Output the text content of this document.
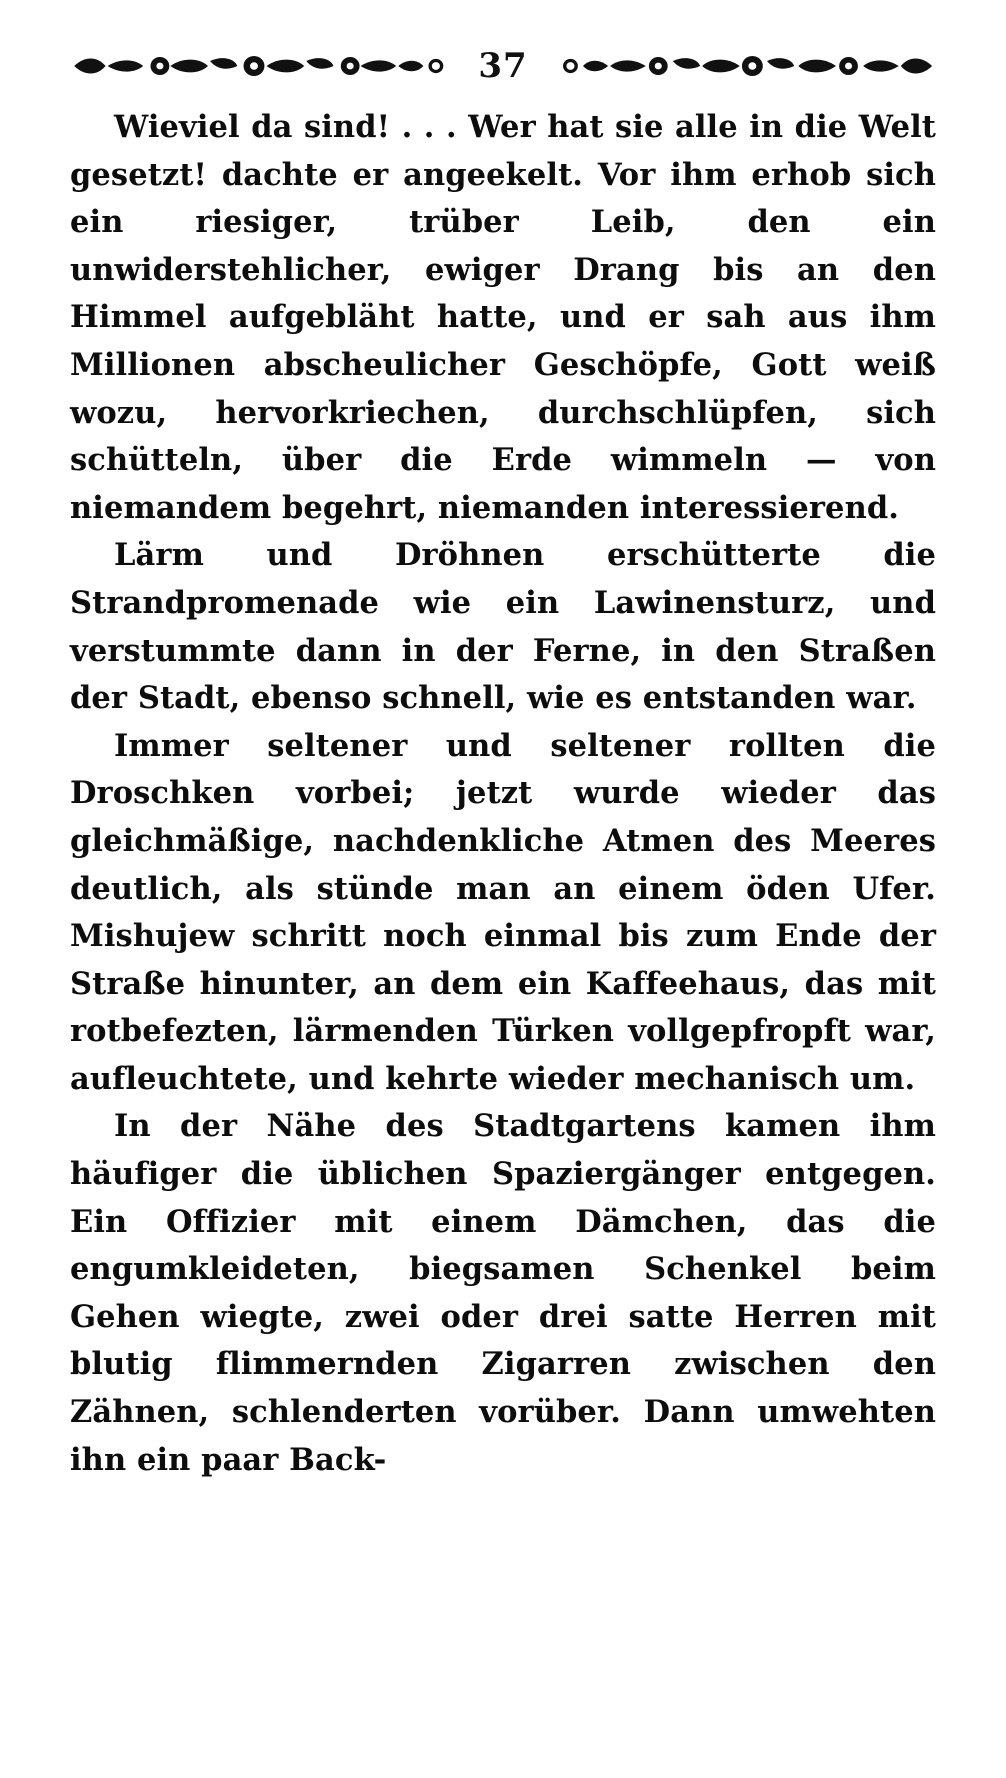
37

Wieviel da sind! . . . Wer hat sie alle in die Welt gesetzt! dachte er angeekelt. Vor ihm erhob sich ein riesiger, trüber Leib, den ein unwiderstehlicher, ewiger Drang bis an den Himmel aufgebläht hatte, und er sah aus ihm Millionen abscheulicher Geschöpfe, Gott weiß wozu, hervorkriechen, durchschlüpfen, sich schütteln, über die Erde wimmeln — von niemandem begehrt, niemanden interessierend.

Lärm und Dröhnen erschütterte die Strandpromenade wie ein Lawinensturz, und verstummte dann in der Ferne, in den Straßen der Stadt, ebenso schnell, wie es entstanden war.

Immer seltener und seltener rollten die Droschken vorbei; jetzt wurde wieder das gleichmäßige, nachdenkliche Atmen des Meeres deutlich, als stünde man an einem öden Ufer. Mishujew schritt noch einmal bis zum Ende der Straße hinunter, an dem ein Kaffeehaus, das mit rotbefezten, lärmenden Türken vollgepfropft war, aufleuchtete, und kehrte wieder mechanisch um.

In der Nähe des Stadtgartens kamen ihm häufiger die üblichen Spaziergänger entgegen. Ein Offizier mit einem Dämchen, das die engumkleideten, biegsamen Schenkel beim Gehen wiegte, zwei oder drei satte Herren mit blutig flimmernden Zigarren zwischen den Zähnen, schlenderten vorüber. Dann umwehten ihn ein paar Back-
